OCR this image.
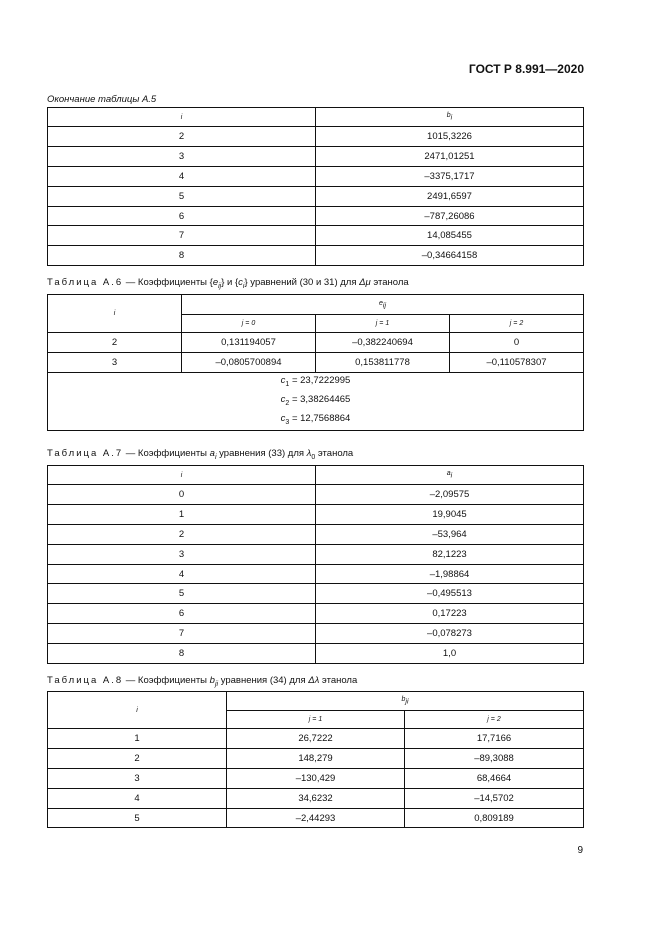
ГОСТ Р 8.991—2020
Окончание таблицы А.5
i	$b_i$
2	1015,3226
3	2471,01251
4	–3375,1717
5	2491,6597
6	–787,26086
7	14,085455
8	–0,34664158
Таблица А.6 — Коэффициенты $\{e_{ij}\}$ и $\{c_i\}$ уравнений (30 и 31) для Δμ этанола
i	$e_{ij}$
	j = 0	j = 1	j = 2
2	0,131194057	–0,382240694	0
3	–0,0805700894	0,153811778	–0,110578307

$c_1 = 23,7222995$
$c_2 = 3,38264465$
$c_3 = 12,7568864$			
Таблица А.7 — Коэффициенты $a_i$ уравнения (33) для $\lambda_0$ этанола
i	$a_i$
0	–2,09575
1	19,9045
2	–53,964
3	82,1223
4	–1,98864
5	–0,495513
6	0,17223
7	–0,078273
8	1,0
Таблица А.8 — Коэффициенты $b_{ji}$ уравнения (34) для Δλ этанола
i	$b_{ji}$
	j = 1	j = 2
1	26,7222	17,7166
2	148,279	–89,3088
3	–130,429	68,4664
4	34,6232	–14,5702
5	–2,44293	0,809189
9
